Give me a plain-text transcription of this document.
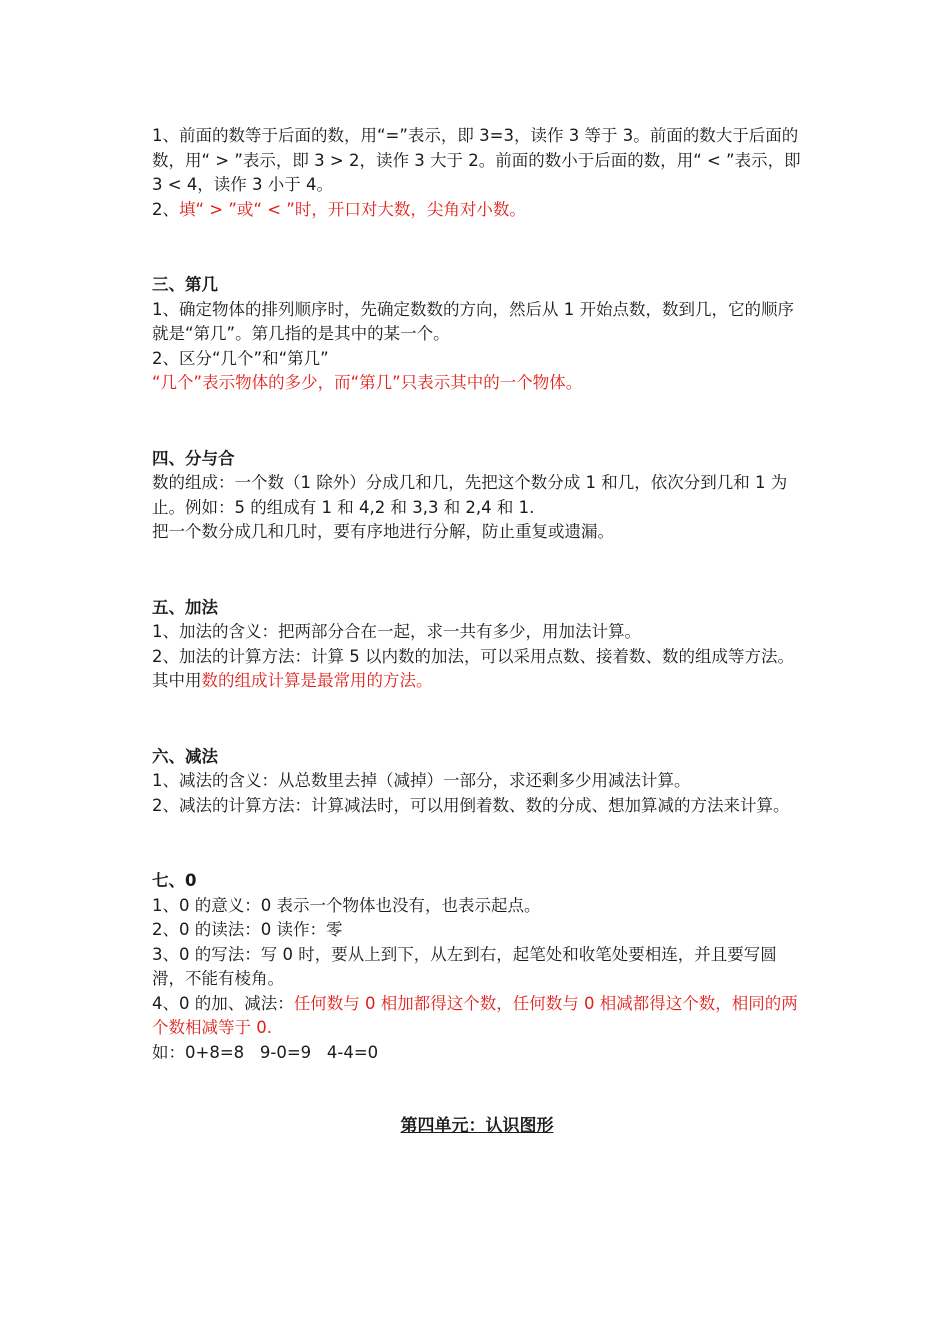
1、前面的数等于后面的数，用“=”表示，即 3=3，读作 3 等于 3。前面的数大于后面的数，用“ > ”表示，即 3 > 2，读作 3 大于 2。前面的数小于后面的数，用“ < ”表示，即 3 < 4，读作 3 小于 4。

2、填“ > ”或“ < ”时，开口对大数，尖角对小数。

三、第几

1、确定物体的排列顺序时，先确定数数的方向，然后从 1 开始点数，数到几，它的顺序就是“第几”。第几指的是其中的某一个。

2、区分“几个”和“第几”

“几个”表示物体的多少，而“第几”只表示其中的一个物体。

四、分与合

数的组成：一个数（1 除外）分成几和几，先把这个数分成 1 和几，依次分到几和 1 为止。例如：5 的组成有 1 和 4,2 和 3,3 和 2,4 和 1.

把一个数分成几和几时，要有序地进行分解，防止重复或遗漏。

五、加法

1、加法的含义：把两部分合在一起，求一共有多少，用加法计算。

2、加法的计算方法：计算 5 以内数的加法，可以采用点数、接着数、数的组成等方法。其中用数的组成计算是最常用的方法。

六、减法

1、减法的含义：从总数里去掉（减掉）一部分，求还剩多少用减法计算。

2、减法的计算方法：计算减法时，可以用倒着数、数的分成、想加算减的方法来计算。

七、0

1、0 的意义：0 表示一个物体也没有，也表示起点。

2、0 的读法：0 读作：零

3、0 的写法：写 0 时，要从上到下，从左到右，起笔处和收笔处要相连，并且要写圆滑，不能有棱角。

4、0 的加、减法：任何数与 0 相加都得这个数，任何数与 0 相减都得这个数，相同的两个数相减等于 0.

如：0+8=8   9-0=9   4-4=0

第四单元：认识图形
